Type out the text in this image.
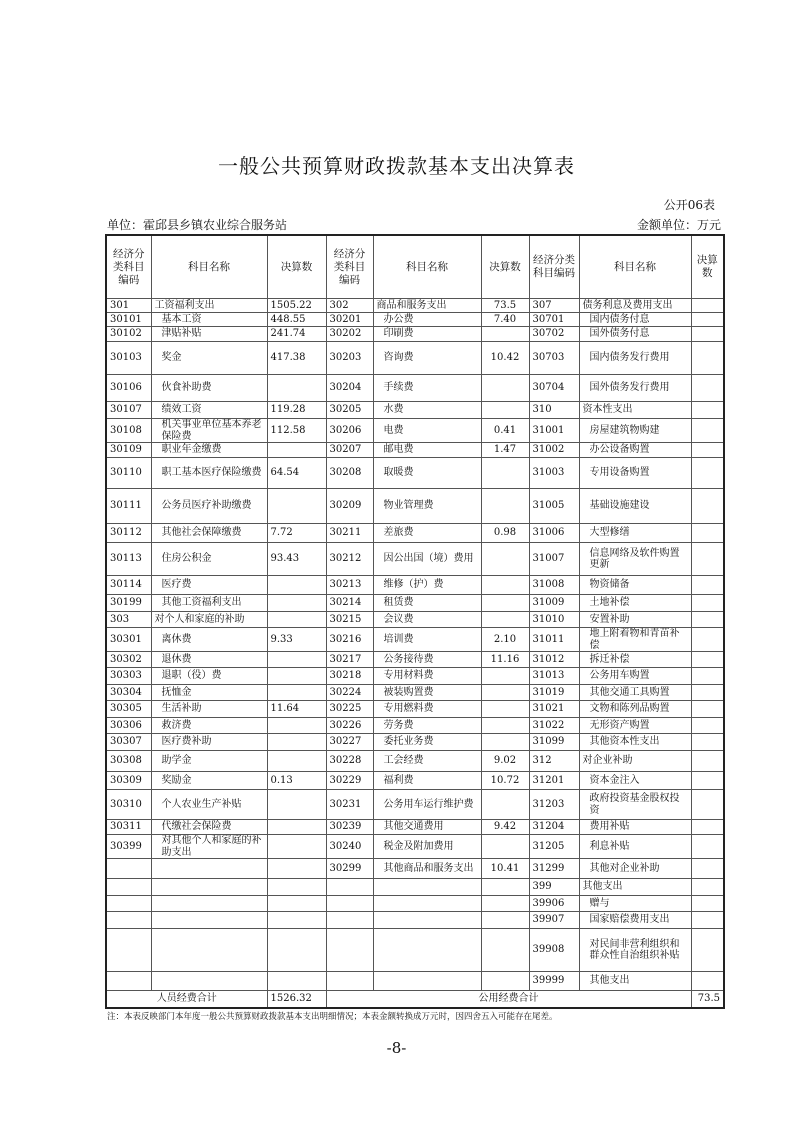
一般公共预算财政拨款基本支出决算表
公开06表
单位：霍邱县乡镇农业综合服务站	金额单位：万元
经济分类科目编码	科目名称	决算数	经济分类科目编码	科目名称	决算数	经济分类科目编码	科目名称	决算数
301	工资福利支出	1505.22	302	商品和服务支出	73.5	307	债务利息及费用支出	
30101	基本工资	448.55	30201	办公费	7.40	30701	国内债务付息	
30102	津贴补贴	241.74	30202	印刷费		30702	国外债务付息	
30103	奖金	417.38	30203	咨询费	10.42	30703	国内债务发行费用	
30106	伙食补助费		30204	手续费		30704	国外债务发行费用	
30107	绩效工资	119.28	30205	水费		310	资本性支出	
30108	机关事业单位基本养老保险费	112.58	30206	电费	0.41	31001	房屋建筑物购建	
30109	职业年金缴费		30207	邮电费	1.47	31002	办公设备购置	
30110	职工基本医疗保险缴费	64.54	30208	取暖费		31003	专用设备购置	
30111	公务员医疗补助缴费		30209	物业管理费		31005	基础设施建设	
30112	其他社会保障缴费	7.72	30211	差旅费	0.98	31006	大型修缮	
30113	住房公积金	93.43	30212	因公出国（境）费用		31007	信息网络及软件购置更新	
30114	医疗费		30213	维修（护）费		31008	物资储备	
30199	其他工资福利支出		30214	租赁费		31009	土地补偿	
303	对个人和家庭的补助		30215	会议费		31010	安置补助	
30301	离休费	9.33	30216	培训费	2.10	31011	地上附着物和青苗补偿	
30302	退休费		30217	公务接待费	11.16	31012	拆迁补偿	
30303	退职（役）费		30218	专用材料费		31013	公务用车购置	
30304	抚恤金		30224	被装购置费		31019	其他交通工具购置	
30305	生活补助	11.64	30225	专用燃料费		31021	文物和陈列品购置	
30306	救济费		30226	劳务费		31022	无形资产购置	
30307	医疗费补助		30227	委托业务费		31099	其他资本性支出	
30308	助学金		30228	工会经费	9.02	312	对企业补助	
30309	奖励金	0.13	30229	福利费	10.72	31201	资本金注入	
30310	个人农业生产补贴		30231	公务用车运行维护费		31203	政府投资基金股权投资	
30311	代缴社会保险费		30239	其他交通费用	9.42	31204	费用补贴	
30399	对其他个人和家庭的补助支出		30240	税金及附加费用		31205	利息补贴	
			30299	其他商品和服务支出	10.41	31299	其他对企业补助	
						399	其他支出	
						39906	赠与	
						39907	国家赔偿费用支出	
						39908	对民间非营利组织和群众性自治组织补贴	
						39999	其他支出	
人员经费合计		1526.32	公用经费合计					73.5
注：本表反映部门本年度一般公共预算财政拨款基本支出明细情况；本表金额转换成万元时，因四舍五入可能存在尾差。
-8-
